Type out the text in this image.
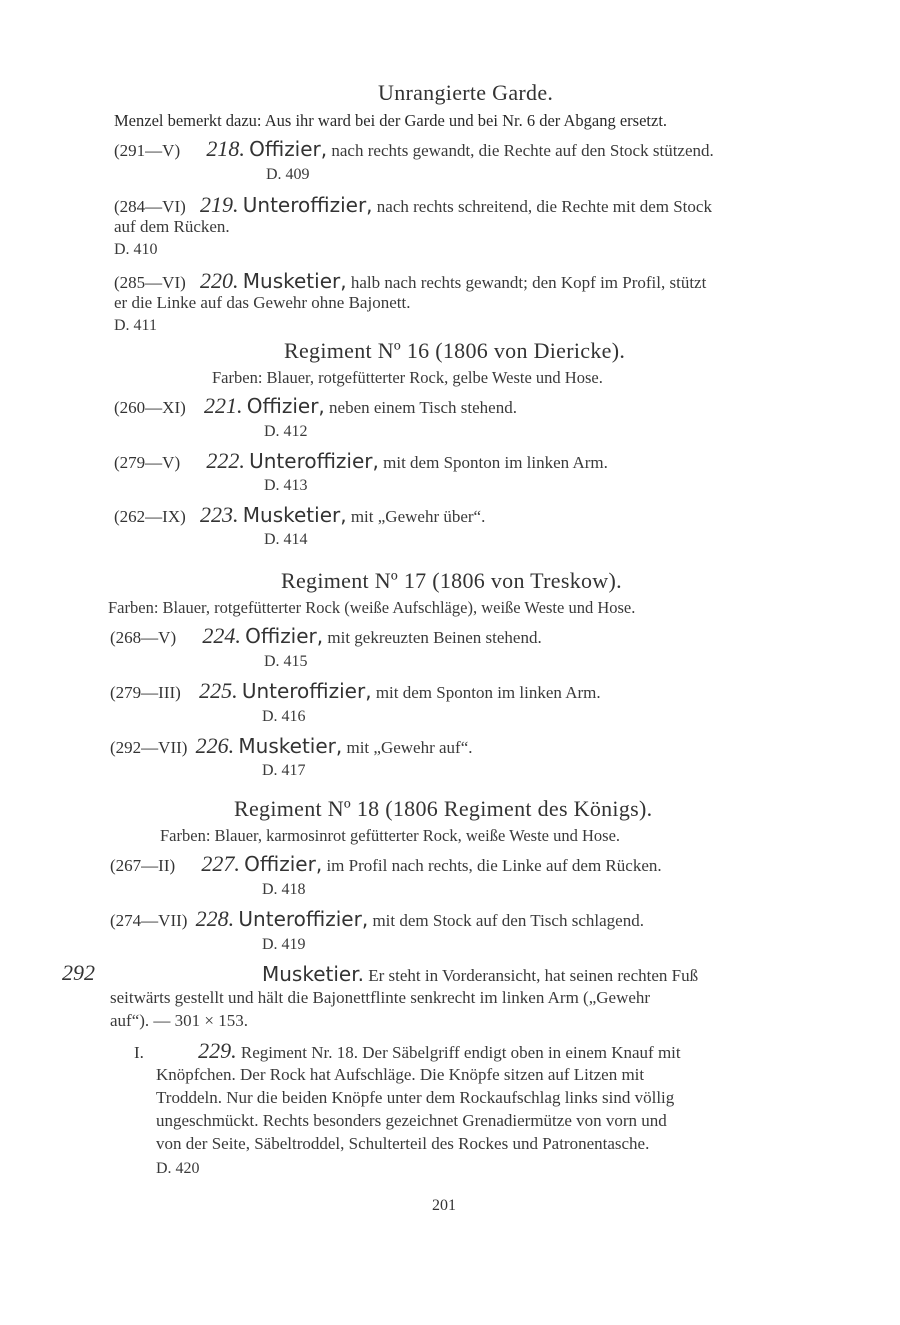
Unrangierte Garde.
Menzel bemerkt dazu: Aus ihr ward bei der Garde und bei Nr. 6 der Abgang ersetzt.
(291—V) 218. Offizier, nach rechts gewandt, die Rechte auf den Stock stützend.
D. 409
(284—VI) 219. Unteroffizier, nach rechts schreitend, die Rechte mit dem Stock
auf dem Rücken.
D. 410
(285—VI) 220. Musketier, halb nach rechts gewandt; den Kopf im Profil, stützt
er die Linke auf das Gewehr ohne Bajonett.
D. 411
Regiment Nº 16 (1806 von Diericke).
Farben: Blauer, rotgefütterter Rock, gelbe Weste und Hose.
(260—XI) 221. Offizier, neben einem Tisch stehend.
D. 412
(279—V) 222. Unteroffizier, mit dem Sponton im linken Arm.
D. 413
(262—IX) 223. Musketier, mit „Gewehr über“.
D. 414
Regiment Nº 17 (1806 von Treskow).
Farben: Blauer, rotgefütterter Rock (weiße Aufschläge), weiße Weste und Hose.
(268—V) 224. Offizier, mit gekreuzten Beinen stehend.
D. 415
(279—III) 225. Unteroffizier, mit dem Sponton im linken Arm.
D. 416
(292—VII) 226. Musketier, mit „Gewehr auf“.
D. 417
Regiment Nº 18 (1806 Regiment des Königs).
Farben: Blauer, karmosinrot gefütterter Rock, weiße Weste und Hose.
(267—II) 227. Offizier, im Profil nach rechts, die Linke auf dem Rücken.
D. 418
(274—VII) 228. Unteroffizier, mit dem Stock auf den Tisch schlagend.
D. 419
292	Musketier. Er steht in Vorderansicht, hat seinen rechten Fuß
seitwärts gestellt und hält die Bajonettflinte senkrecht im linken Arm („Gewehr
auf“). — 301 × 153.
I. 229. Regiment Nr. 18. Der Säbelgriff endigt oben in einem Knauf mit
Knöpfchen. Der Rock hat Aufschläge. Die Knöpfe sitzen auf Litzen mit
Troddeln. Nur die beiden Knöpfe unter dem Rockaufschlag links sind völlig
ungeschmückt. Rechts besonders gezeichnet Grenadiermütze von vorn und
von der Seite, Säbeltroddel, Schulterteil des Rockes und Patronentasche.
D. 420
201
